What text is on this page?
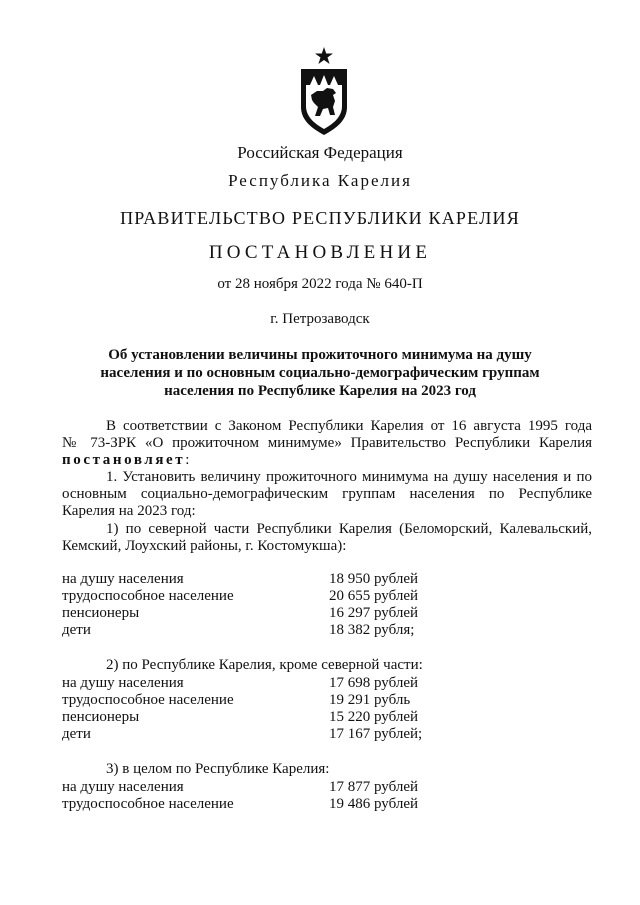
Российская Федерация
Республика Карелия
ПРАВИТЕЛЬСТВО РЕСПУБЛИКИ КАРЕЛИЯ
ПОСТАНОВЛЕНИЕ
от 28 ноября 2022 года № 640-П
г. Петрозаводск
Об установлении величины прожиточного минимума на душу
населения и по основным социально-демографическим группам
населения по Республике Карелия на 2023 год
В соответствии с Законом Республики Карелия от 16 августа 1995 года
№ 73-ЗРК «О прожиточном минимуме» Правительство Республики Карелия
постановляет:
1. Установить величину прожиточного минимума на душу населения и по
основным социально-демографическим группам населения по Республике
Карелия на 2023 год:
1) по северной части Республики Карелия (Беломорский, Калевальский,
Кемский, Лоухский районы, г. Костомукша):
на душу населения	18 950 рублей
трудоспособное население	20 655 рублей
пенсионеры	16 297 рублей
дети	18 382 рубля;
2) по Республике Карелия, кроме северной части:
на душу населения	17 698 рублей
трудоспособное население	19 291 рубль
пенсионеры	15 220 рублей
дети	17 167 рублей;
3) в целом по Республике Карелия:
на душу населения	17 877 рублей
трудоспособное население	19 486 рублей
